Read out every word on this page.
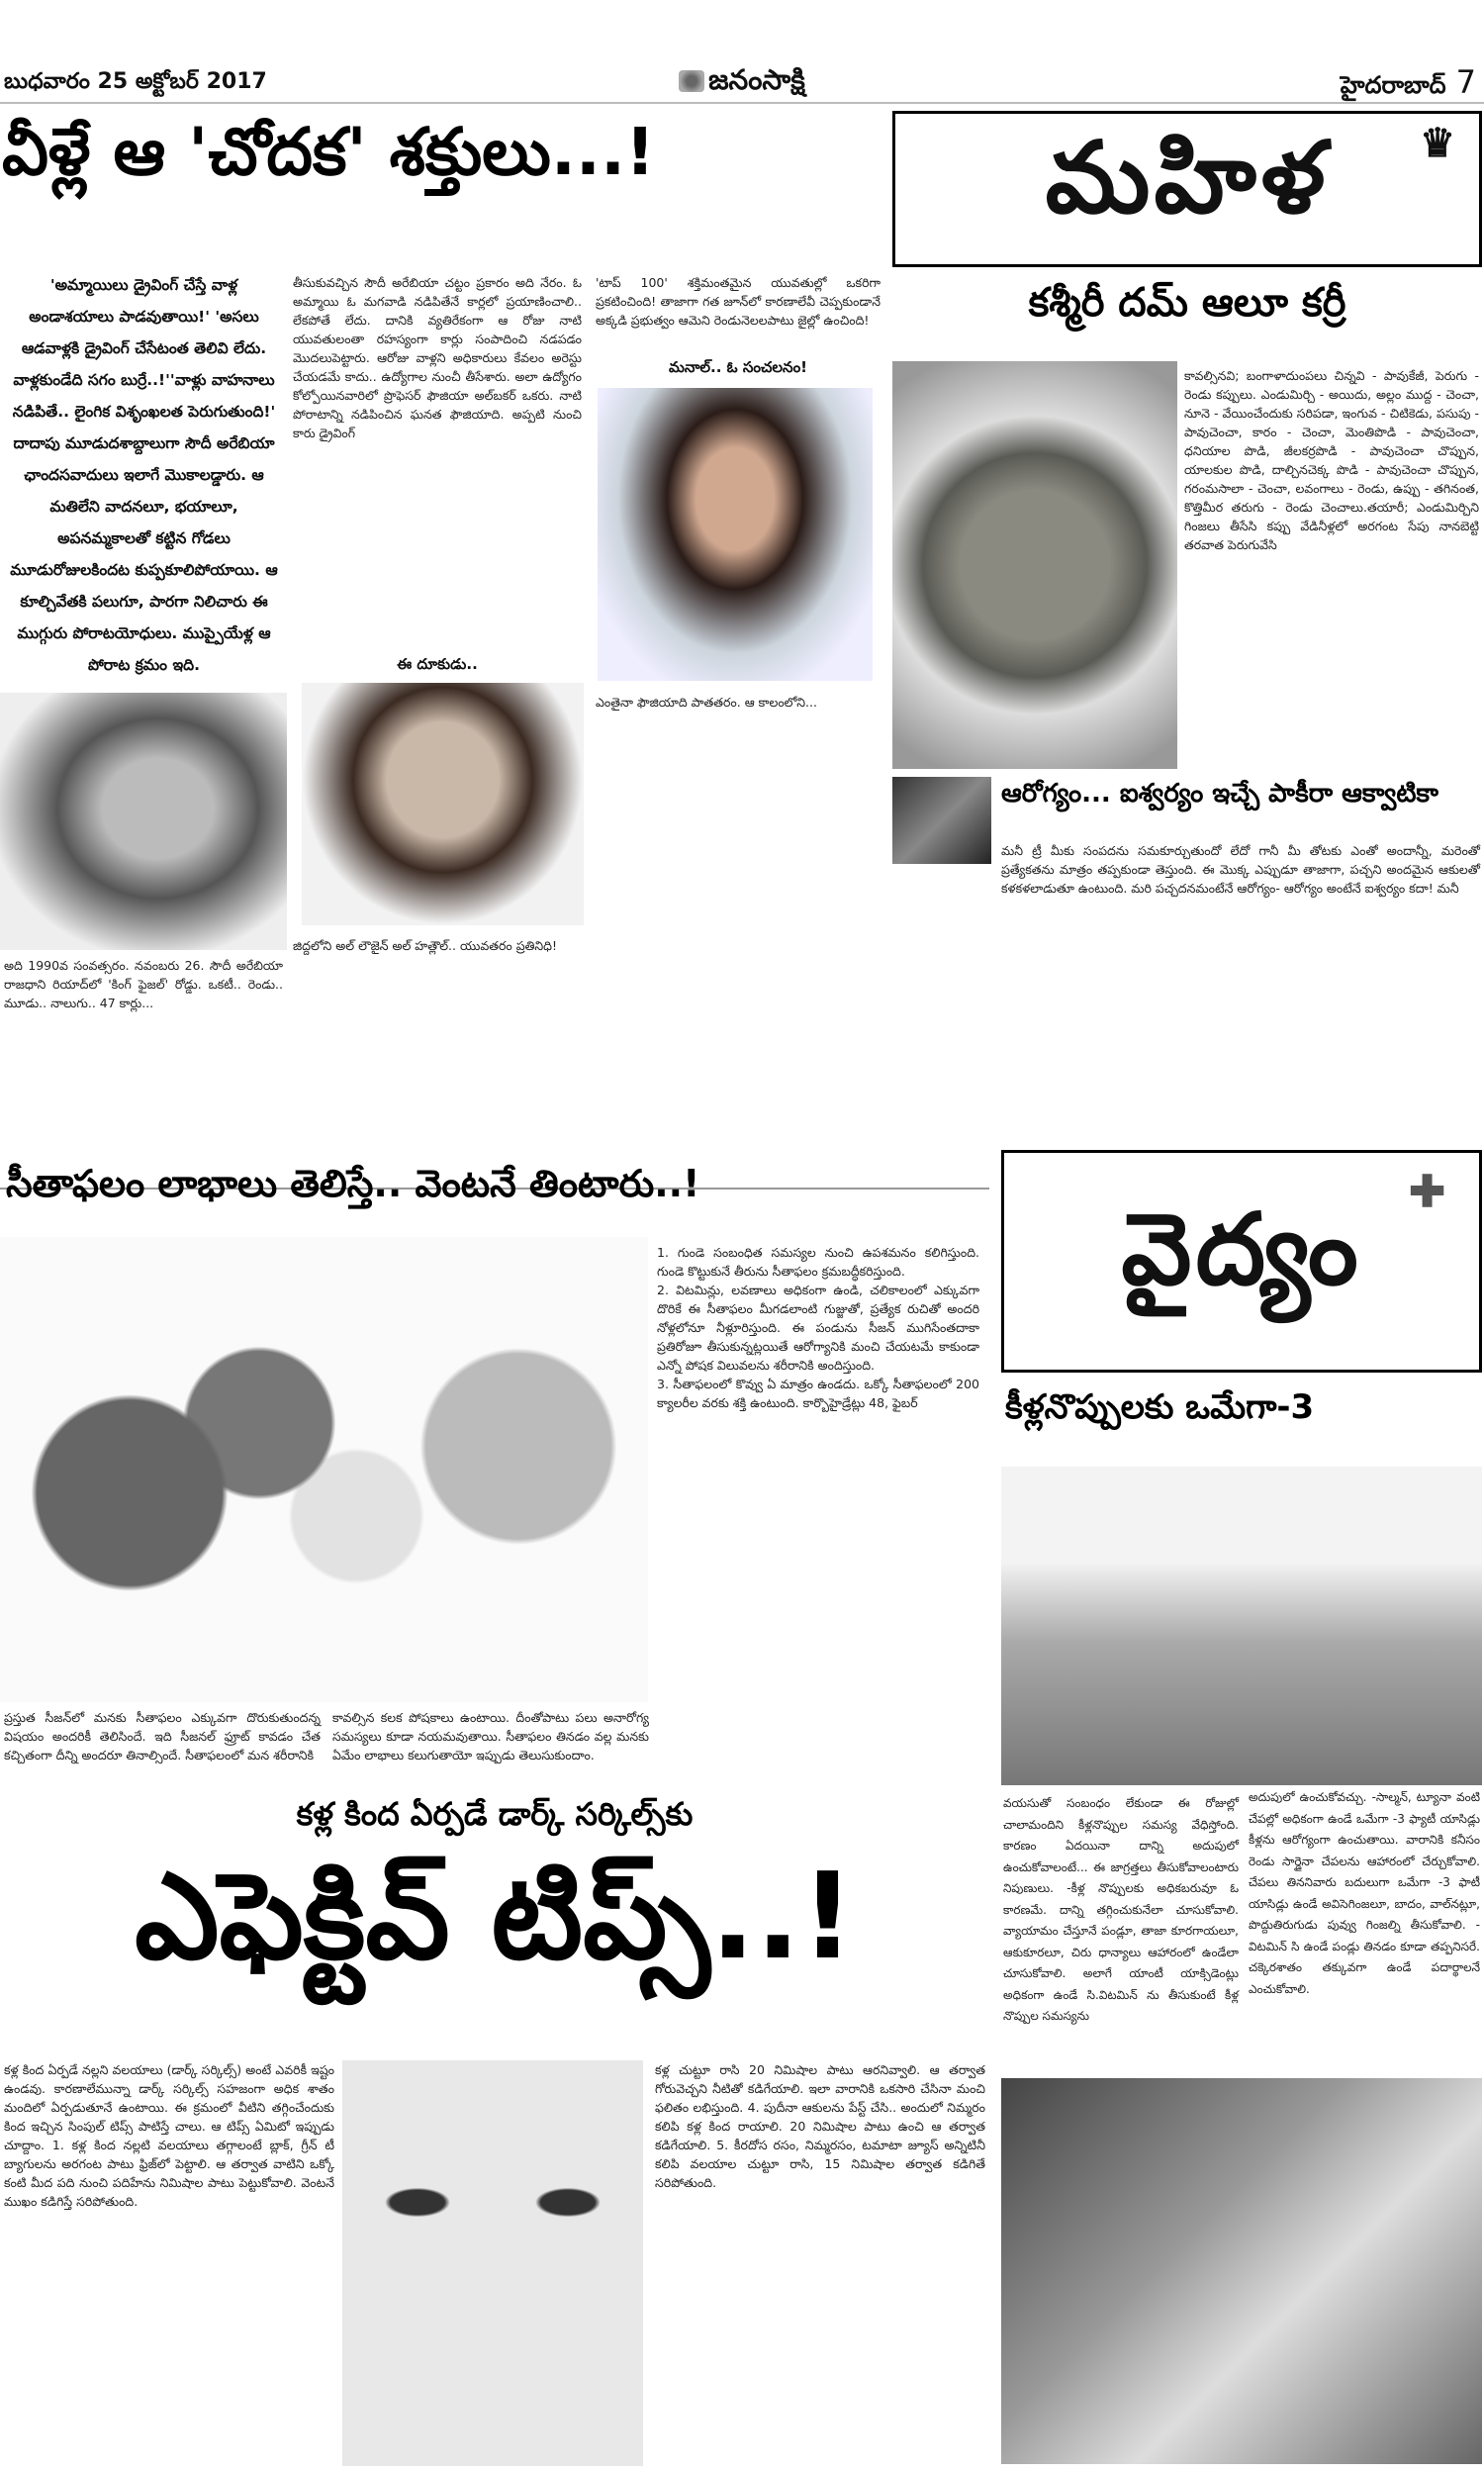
జనంసాక్షి
బుధవారం 25 అక్టోబర్ 2017	హైదరాబాద్ 7
వీళ్లే ఆ 'చోదక' శక్తులు...!
'అమ్మాయిలు డ్రైవింగ్ చేస్తే వాళ్ల అండాశయాలు పాడవుతాయి!' 'అసలు ఆడవాళ్లకి డ్రైవింగ్ చేసేటంత తెలివి లేదు. వాళ్లకుండేది సగం బుర్రే..!''వాళ్లు వాహనాలు నడిపితే.. లైంగిక విశృంఖలత పెరుగుతుంది!' దాదాపు మూడుదశాబ్దాలుగా సౌదీ అరేబియా ఛాందసవాదులు ఇలాగే మొకాలడ్డారు. ఆ మతిలేని వాదనలూ, భయాలూ, అపనమ్మకాలతో కట్టిన గోడలు మూడురోజులకిందట కుప్పకూలిపోయాయి. ఆ కూల్చివేతకి పలుగూ, పారగా నిలిచారు ఈ ముగ్గురు పోరాటయోధులు. ముప్పైయేళ్ల ఆ పోరాట క్రమం ఇది.
తీసుకువచ్చిన సౌదీ అరేబియా చట్టం ప్రకారం అది నేరం. ఓ అమ్మాయి ఓ మగవాడి నడిపితేనే కార్లలో ప్రయాణించాలి.. లేకపోతే లేదు. దానికి వ్యతిరేకంగా ఆ రోజు నాటి యువతులంతా రహస్యంగా కార్లు సంపాదించి నడపడం మొదలుపెట్టారు. ఆరోజు వాళ్లని అధికారులు కేవలం అరెస్టు చేయడమే కాదు.. ఉద్యోగాల నుంచీ తీసేశారు. అలా ఉద్యోగం కోల్పోయినవారిలో ప్రొఫెసర్ ఫౌజియా అల్‌బకర్ ఒకరు. నాటి పోరాటాన్ని నడిపించిన ఘనత ఫౌజియాది. అప్పటి నుంచి కారు డ్రైవింగ్
ఈ దూకుడు..
'టాప్ 100' శక్తిమంతమైన యువతుల్లో ఒకరిగా ప్రకటించింది! తాజాగా గత జూన్‌లో కారణాలేవీ చెప్పకుండానే అక్కడి ప్రభుత్వం ఆమెని రెండునెలలపాటు జైల్లో ఉంచింది!
మనాల్.. ఓ సంచలనం!
ఎంతైనా ఫౌజియాది పాతతరం. ఆ కాలంలోని...
అది 1990వ సంవత్సరం. నవంబరు 26. సౌదీ అరేబియా రాజధాని రియాద్‌లో 'కింగ్ ఫైజల్' రోడ్డు. ఒకటీ.. రెండు.. మూడు.. నాలుగు.. 47 కార్లు...
జిద్దలోని అల్ లౌజైన్ అల్ హత్లౌల్.. యువతరం ప్రతినిధి!
మహిళ ♛
కశ్మీరీ దమ్ ఆలూ కర్రీ
కావల్సినవి; బంగాళాదుంపలు చిన్నవి - పావుకేజీ, పెరుగు - రెండు కప్పులు. ఎండుమిర్చి - అయిదు, అల్లం ముద్ద - చెంచా, నూనె - వేయించేందుకు సరిపడా, ఇంగువ - చిటికెడు, పసుపు - పావుచెంచా, కారం - చెంచా, మెంతిపొడి - పావుచెంచా, ధనియాల పొడి, జీలకర్రపొడి - పావుచెంచా చొప్పున, యాలకుల పొడి, దాల్చినచెక్క పొడి - పావుచెంచా చొప్పున, గరంమసాలా - చెంచా, లవంగాలు - రెండు, ఉప్పు - తగినంత, కొత్తిమీర తరుగు - రెండు చెంచాలు.తయారీ; ఎండుమిర్చిని గింజలు తీసేసి కప్పు వేడినీళ్లలో అరగంట సేపు నానబెట్టి తరవాత పెరుగువేసి
ఆరోగ్యం... ఐశ్వర్యం ఇచ్చే పాకీరా ఆక్వాటికా
మనీ ట్రీ మీకు సంపదను సమకూర్చుతుందో లేదో గానీ మీ తోటకు ఎంతో అందాన్నీ, మరెంతో ప్రత్యేకతను మాత్రం తప్పకుండా తెస్తుంది. ఈ మొక్క ఎప్పుడూ తాజాగా, పచ్చని అందమైన ఆకులతో కళకళలాడుతూ ఉంటుంది. మరి పచ్చదనమంటేనే ఆరోగ్యం- ఆరోగ్యం అంటేనే ఐశ్వర్యం కదా! మనీ
సీతాఫలం లాభాలు తెలిస్తే.. వెంటనే తింటారు..!

1. గుండె సంబంధిత సమస్యల నుంచి ఉపశమనం కలిగిస్తుంది. గుండె కొట్టుకునే తీరును సీతాఫలం క్రమబద్ధీకరిస్తుంది.

2. విటమిన్లు, లవణాలు అధికంగా ఉండి, చలికాలంలో ఎక్కువగా దొరికే ఈ సీతాఫలం మీగడలాంటి గుజ్జుతో, ప్రత్యేక రుచితో అందరి నోళ్లలోనూ నీళ్లూరిస్తుంది. ఈ పండును సీజన్ ముగిసేంతదాకా ప్రతిరోజూ తీసుకున్నట్లయితే ఆరోగ్యానికి మంచి చేయటమే కాకుండా ఎన్నో పోషక విలువలను శరీరానికి అందిస్తుంది.

3. సీతాఫలంలో కొవ్వు ఏ మాత్రం ఉండదు. ఒక్కో సీతాఫలంలో 200 క్యాలరీల వరకు శక్తి ఉంటుంది. కార్బొహైడ్రేట్లు 48, ఫైబర్

ప్రస్తుత సీజన్‌లో మనకు సీతాఫలం ఎక్కువగా దొరుకుతుందన్న విషయం అందరికీ తెలిసిందే. ఇది సీజనల్ ఫ్రూట్ కావడం చేత కచ్చితంగా దీన్ని అందరూ తినాల్సిందే. సీతాఫలంలో మన శరీరానికి
కావల్సిన కలక పోషకాలు ఉంటాయి. దీంతోపాటు పలు అనారోగ్య సమస్యలు కూడా నయమవుతాయి. సీతాఫలం తినడం వల్ల మనకు ఏమేం లాభాలు కలుగుతాయో ఇప్పుడు తెలుసుకుందాం.
వైద్యం ✚
కీళ్లనొప్పులకు ఒమేగా-3
వయసుతో సంబంధం లేకుండా ఈ రోజుల్లో చాలామందిని కీళ్లనొప్పుల సమస్య వేధిస్తోంది. కారణం ఏదయినా దాన్ని అదుపులో ఉంచుకోవాలంటే... ఈ జాగ్రత్తలు తీసుకోవాలంటారు నిపుణులు. -కీళ్ల నొప్పులకు అధికబరువూ ఓ కారణమే. దాన్ని తగ్గించుకునేలా చూసుకోవాలి. వ్యాయామం చేస్తూనే పండ్లూ, తాజా కూరగాయలూ, ఆకుకూరలూ, చిరు ధాన్యాలు ఆహారంలో ఉండేలా చూసుకోవాలి. అలాగే యాంటీ యాక్సిడెంట్లు అధికంగా ఉండే సి.విటమిన్ ను తీసుకుంటే కీళ్ల నొప్పుల సమస్యను
అదుపులో ఉంచుకోవచ్చు. -సాల్మన్, ట్యూనా వంటి చేపల్లో అధికంగా ఉండే ఒమేగా -3 ఫ్యాటీ యాసిడ్లు కీళ్లను ఆరోగ్యంగా ఉంచుతాయి. వారానికి కనీసం రెండు సార్డైనా చేపలను ఆహారంలో చేర్చుకోవాలి. చేపలు తిననివారు బదులుగా ఒమేగా -3 ఫాటీ యాసిడ్లు ఉండే అవిసెగింజలూ, బాదం, వాల్‌నట్లూ, పొద్దుతిరుగుడు పువ్వు గింజల్ని తీసుకోవాలి. - విటమిన్ సి ఉండే పండ్లు తినడం కూడా తప్పనిసరే. చక్కెరశాతం తక్కువగా ఉండే పదార్థాలనే ఎంచుకోవాలి.
కళ్ల కింద ఏర్పడే డార్క్ సర్కిల్స్‌కు
ఎఫెక్టివ్ టిప్స్..!
కళ్ల కింద ఏర్పడే నల్లని వలయాలు (డార్క్ సర్కిల్స్) అంటే ఎవరికీ ఇష్టం ఉండవు. కారణాలేమున్నా డార్క్ సర్కిల్స్ సహజంగా అధిక శాతం మందిలో ఏర్పడుతూనే ఉంటాయి. ఈ క్రమంలో వీటిని తగ్గించేందుకు కింద ఇచ్చిన సింపుల్ టిప్స్ పాటిస్తే చాలు. ఆ టిప్స్ ఏమిటో ఇప్పుడు చూద్దాం. 1. కళ్ల కింద నల్లటి వలయాలు తగ్గాలంటే బ్లాక్, గ్రీన్ టీ బ్యాగులను అరగంట పాటు ఫ్రిజ్‌లో పెట్టాలి. ఆ తర్వాత వాటిని ఒక్కో కంటి మీద పది నుంచి పదిహేను నిమిషాల పాటు పెట్టుకోవాలి. వెంటనే ముఖం కడిగిస్తే సరిపోతుంది.
కళ్ల చుట్టూ రాసి 20 నిమిషాల పాటు ఆరనివ్వాలి. ఆ తర్వాత గోరువెచ్చని నీటితో కడిగేయాలి. ఇలా వారానికి ఒకసారి చేసినా మంచి ఫలితం లభిస్తుంది. 4. పుదీనా ఆకులను పేస్ట్ చేసి.. అందులో నిమ్మరం కలిపి కళ్ల కింద రాయాలి. 20 నిమిషాల పాటు ఉంచి ఆ తర్వాత కడిగేయాలి. 5. కీరదోస రసం, నిమ్మరసం, టమాటా జ్యూస్ అన్నిటినీ కలిపి వలయాల చుట్టూ రాసి, 15 నిమిషాల తర్వాత కడిగితే సరిపోతుంది.
